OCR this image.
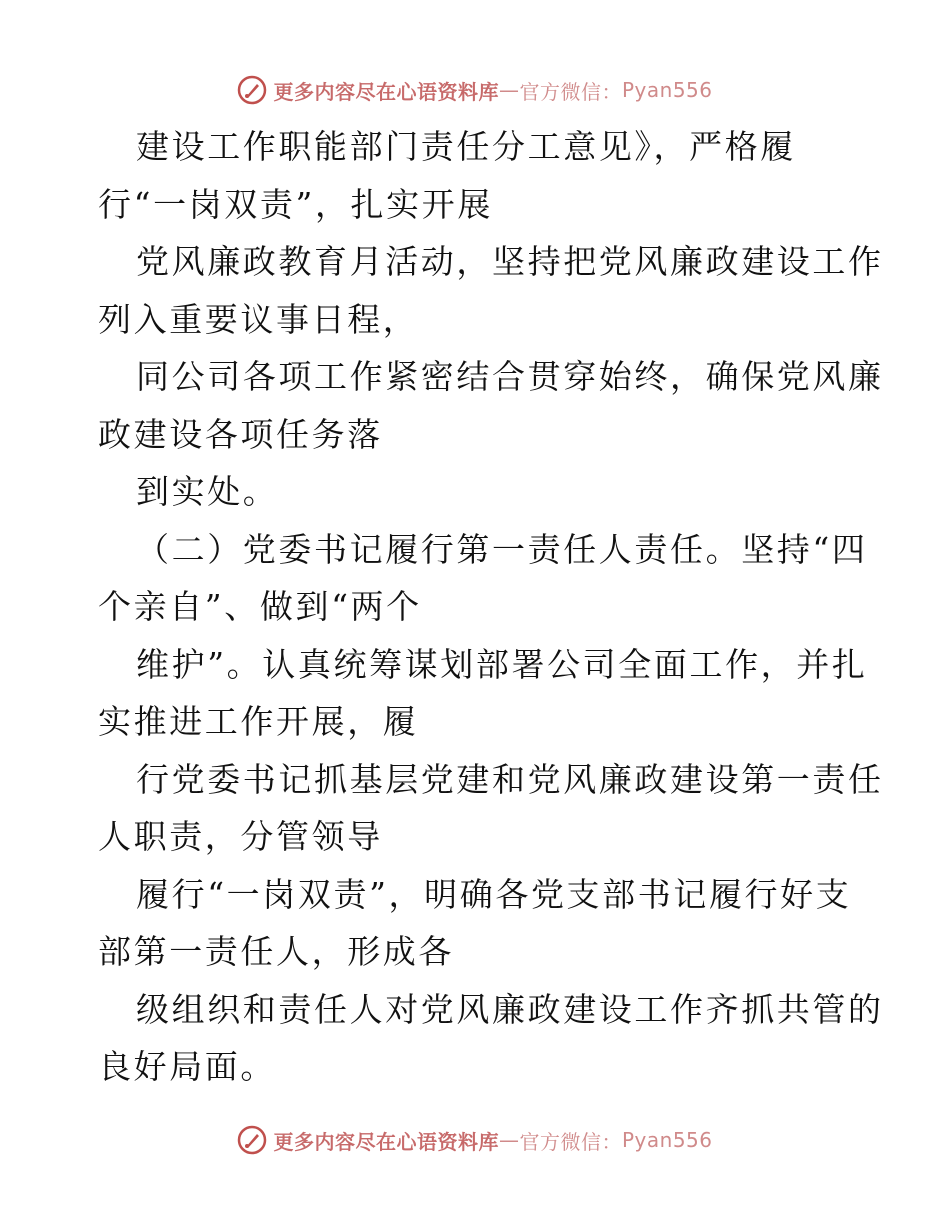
更多内容尽在心语资料库 — 官方微信： Pyan556
建设工作职能部门责任分工意见》，严格履
行“一岗双责”，扎实开展
党风廉政教育月活动，坚持把党风廉政建设工作
列入重要议事日程，
同公司各项工作紧密结合贯穿始终，确保党风廉
政建设各项任务落
到实处。
（二）党委书记履行第一责任人责任。坚持“四
个亲自”、做到“两个
维护”。认真统筹谋划部署公司全面工作，并扎
实推进工作开展，履
行党委书记抓基层党建和党风廉政建设第一责任
人职责，分管领导
履行“一岗双责”，明确各党支部书记履行好支
部第一责任人，形成各
级组织和责任人对党风廉政建设工作齐抓共管的
良好局面。
更多内容尽在心语资料库 — 官方微信： Pyan556
